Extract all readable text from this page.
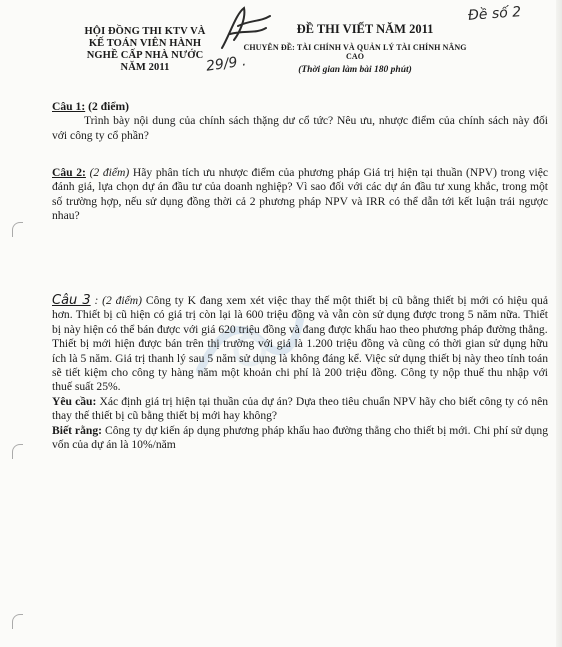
HỘI ĐỒNG THI KTV VÀ
KẾ TOÁN VIÊN HÀNH
NGHỀ CẤP NHÀ NƯỚC
NĂM 2011
ĐỀ THI VIẾT NĂM 2011
CHUYÊN ĐỀ: TÀI CHÍNH VÀ QUẢN LÝ TÀI CHÍNH NÂNG CAO
(Thời gian làm bài 180 phút)
Đề số 2
29/9 .
Câu 1: (2 điểm)
Trình bày nội dung của chính sách thặng dư cổ tức? Nêu ưu, nhược điểm của chính sách này đối với công ty cổ phần?
Câu 2: (2 điểm) Hãy phân tích ưu nhược điểm của phương pháp Giá trị hiện tại thuần (NPV) trong việc đánh giá, lựa chọn dự án đầu tư của doanh nghiệp? Vì sao đối với các dự án đầu tư xung khắc, trong một số trường hợp, nếu sử dụng đồng thời cả 2 phương pháp NPV và IRR có thể dẫn tới kết luận trái ngược nhau?
Câu 3 : (2 điểm) Công ty K đang xem xét việc thay thế một thiết bị cũ bằng thiết bị mới có hiệu quả hơn. Thiết bị cũ hiện có giá trị còn lại là 600 triệu đồng và vẫn còn sử dụng được trong 5 năm nữa. Thiết bị này hiện có thể bán được với giá 620 triệu đồng và đang được khấu hao theo phương pháp đường thẳng.
Thiết bị mới hiện được bán trên thị trường với giá là 1.200 triệu đồng và cũng có thời gian sử dụng hữu ích là 5 năm. Giá trị thanh lý sau 5 năm sử dụng là không đáng kể. Việc sử dụng thiết bị này theo tính toán sẽ tiết kiệm cho công ty hàng năm một khoản chi phí là 200 triệu đồng. Công ty nộp thuế thu nhập với thuế suất 25%.
Yêu cầu: Xác định giá trị hiện tại thuần của dự án? Dựa theo tiêu chuẩn NPV hãy cho biết công ty có nên thay thế thiết bị cũ bằng thiết bị mới hay không?
Biết rằng: Công ty dự kiến áp dụng phương pháp khấu hao đường thẳng cho thiết bị mới. Chi phí sử dụng vốn của dự án là 10%/năm
